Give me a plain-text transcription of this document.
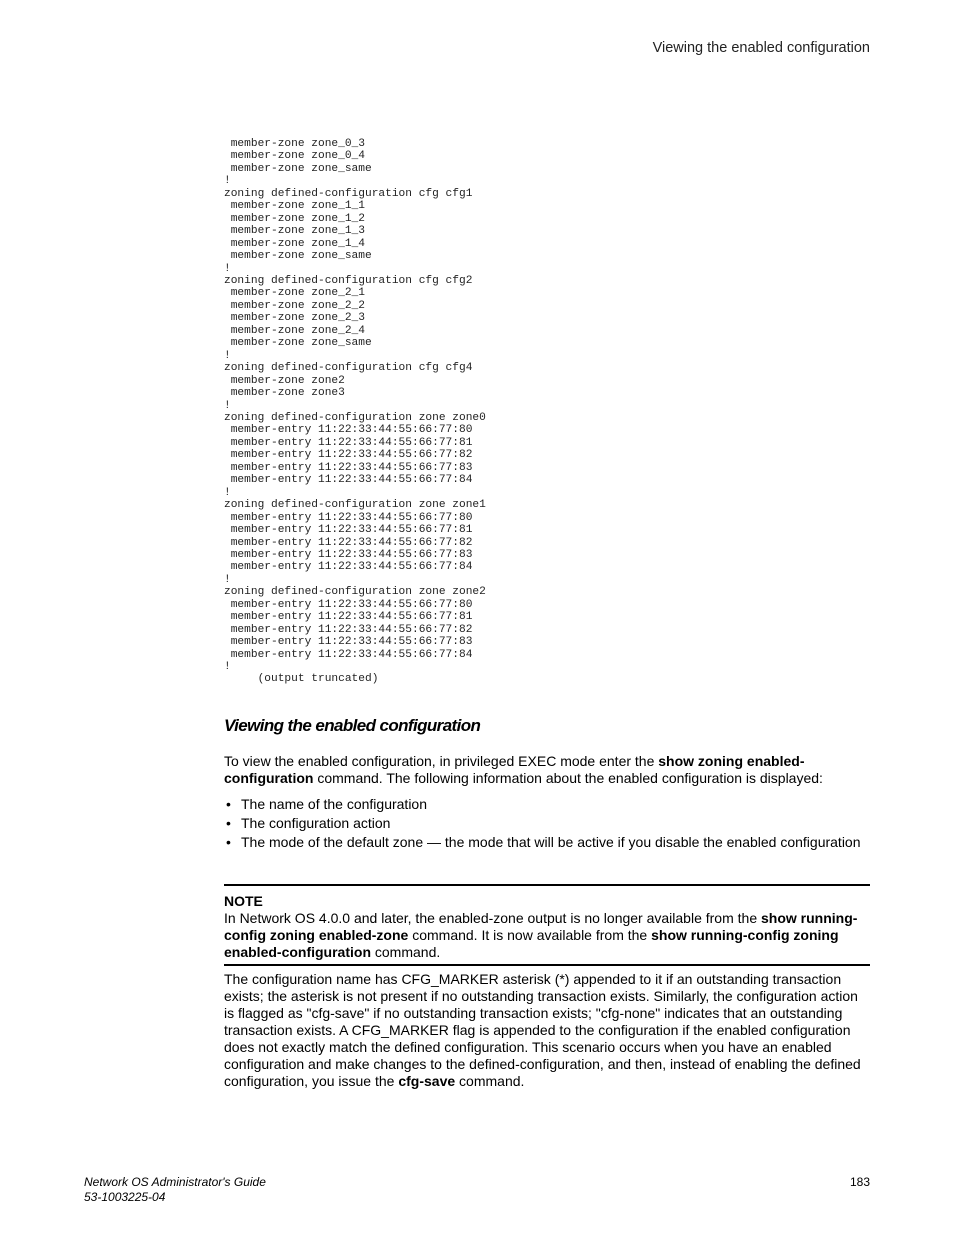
Viewing the enabled configuration
member-zone zone_0_3
member-zone zone_0_4
member-zone zone_same
!
zoning defined-configuration cfg cfg1
member-zone zone_1_1
member-zone zone_1_2
member-zone zone_1_3
member-zone zone_1_4
member-zone zone_same
!
zoning defined-configuration cfg cfg2
member-zone zone_2_1
member-zone zone_2_2
member-zone zone_2_3
member-zone zone_2_4
member-zone zone_same
!
zoning defined-configuration cfg cfg4
member-zone zone2
member-zone zone3
!
zoning defined-configuration zone zone0
member-entry 11:22:33:44:55:66:77:80
member-entry 11:22:33:44:55:66:77:81
member-entry 11:22:33:44:55:66:77:82
member-entry 11:22:33:44:55:66:77:83
member-entry 11:22:33:44:55:66:77:84
!
zoning defined-configuration zone zone1
member-entry 11:22:33:44:55:66:77:80
member-entry 11:22:33:44:55:66:77:81
member-entry 11:22:33:44:55:66:77:82
member-entry 11:22:33:44:55:66:77:83
member-entry 11:22:33:44:55:66:77:84
!
zoning defined-configuration zone zone2
member-entry 11:22:33:44:55:66:77:80
member-entry 11:22:33:44:55:66:77:81
member-entry 11:22:33:44:55:66:77:82
member-entry 11:22:33:44:55:66:77:83
member-entry 11:22:33:44:55:66:77:84
!
(output truncated)
Viewing the enabled configuration

To view the enabled configuration, in privileged EXEC mode enter the show zoning enabled-configuration command. The following information about the enabled configuration is displayed:

• The name of the configuration
• The configuration action
• The mode of the default zone — the mode that will be active if you disable the enabled configuration
NOTE
In Network OS 4.0.0 and later, the enabled-zone output is no longer available from the show running-config zoning enabled-zone command. It is now available from the show running-config zoning enabled-configuration command.

The configuration name has CFG_MARKER asterisk (*) appended to it if an outstanding transaction exists; the asterisk is not present if no outstanding transaction exists. Similarly, the configuration action is flagged as "cfg-save" if no outstanding transaction exists; "cfg-none" indicates that an outstanding transaction exists. A CFG_MARKER flag is appended to the configuration if the enabled configuration does not exactly match the defined configuration. This scenario occurs when you have an enabled configuration and make changes to the defined-configuration, and then, instead of enabling the defined configuration, you issue the cfg-save command.

Network OS Administrator's Guide
53-1003225-04
183
